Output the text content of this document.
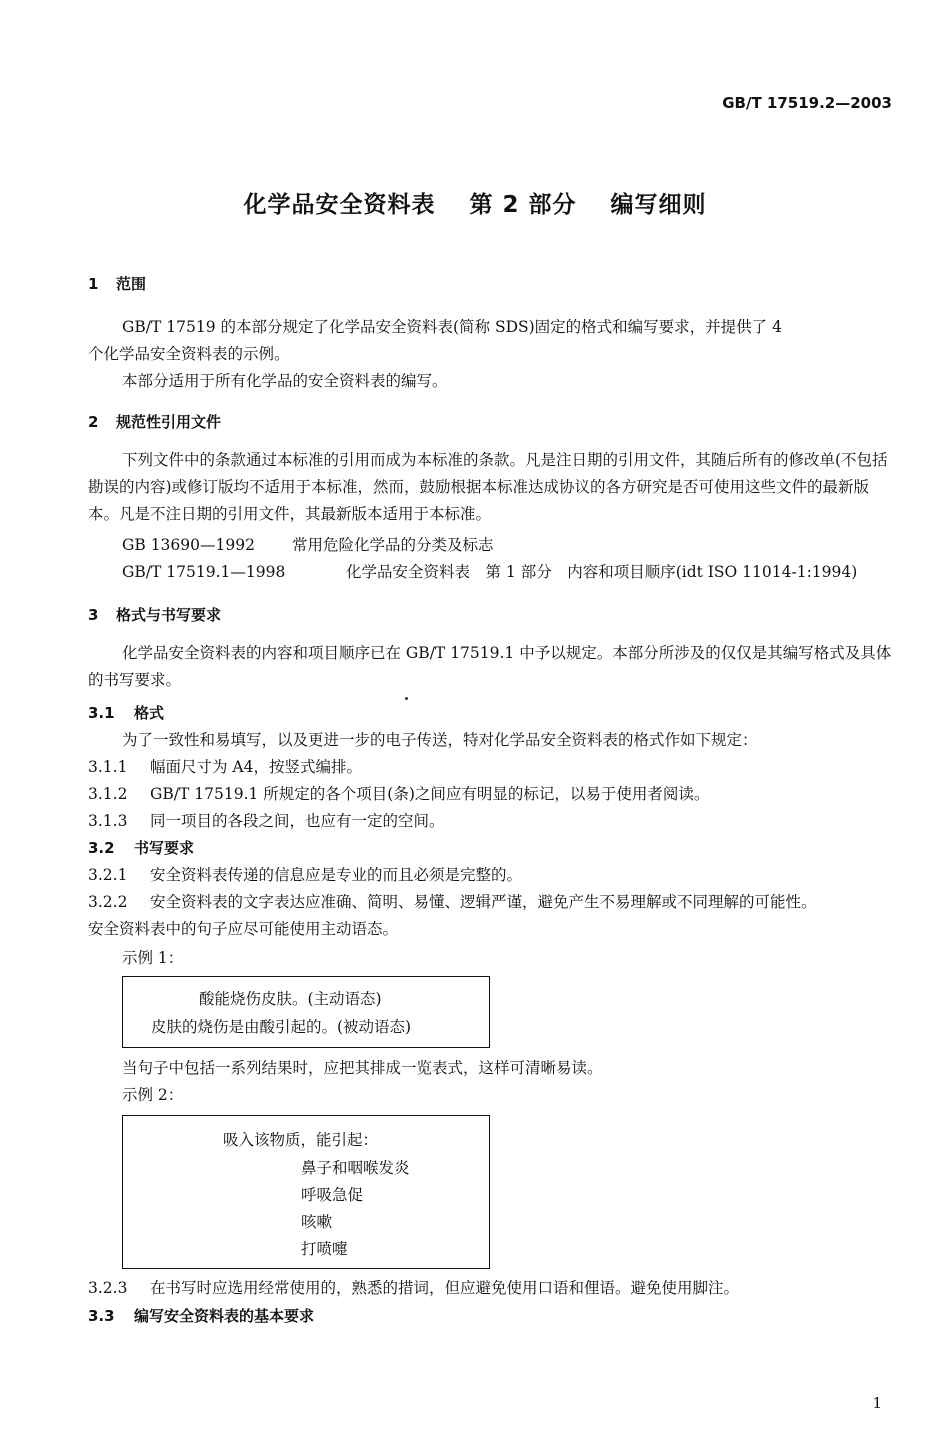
GB/T 17519.2—2003
化学品安全资料表 第 2 部分 编写细则
1 范围
GB/T 17519 的本部分规定了化学品安全资料表(简称 SDS)固定的格式和编写要求，并提供了 4
个化学品安全资料表的示例。
本部分适用于所有化学品的安全资料表的编写。
2 规范性引用文件
下列文件中的条款通过本标准的引用而成为本标准的条款。凡是注日期的引用文件，其随后所有的修改单(不包括勘误的内容)或修订版均不适用于本标准，然而，鼓励根据本标准达成协议的各方研究是否可使用这些文件的最新版本。凡是不注日期的引用文件，其最新版本适用于本标准。
GB 13690—1992 常用危险化学品的分类及标志
GB/T 17519.1—1998	化学品安全资料表　第 1 部分　内容和项目顺序(idt ISO 11014-1:1994)
3 格式与书写要求
化学品安全资料表的内容和项目顺序已在 GB/T 17519.1 中予以规定。本部分所涉及的仅仅是其编写格式及具体的书写要求。
3.1 格式
为了一致性和易填写，以及更进一步的电子传送，特对化学品安全资料表的格式作如下规定：
3.1.1 幅面尺寸为 A4，按竖式编排。
3.1.2 GB/T 17519.1 所规定的各个项目(条)之间应有明显的标记，以易于使用者阅读。
3.1.3 同一项目的各段之间，也应有一定的空间。
3.2 书写要求
3.2.1 安全资料表传递的信息应是专业的而且必须是完整的。
3.2.2 安全资料表的文字表达应准确、简明、易懂、逻辑严谨，避免产生不易理解或不同理解的可能性。
安全资料表中的句子应尽可能使用主动语态。
示例 1：
酸能烧伤皮肤。(主动语态)
皮肤的烧伤是由酸引起的。(被动语态)
当句子中包括一系列结果时，应把其排成一览表式，这样可清晰易读。
示例 2：
吸入该物质，能引起：
鼻子和咽喉发炎
呼吸急促
咳嗽
打喷嚏
3.2.3 在书写时应选用经常使用的，熟悉的措词，但应避免使用口语和俚语。避免使用脚注。
3.3 编写安全资料表的基本要求
1
